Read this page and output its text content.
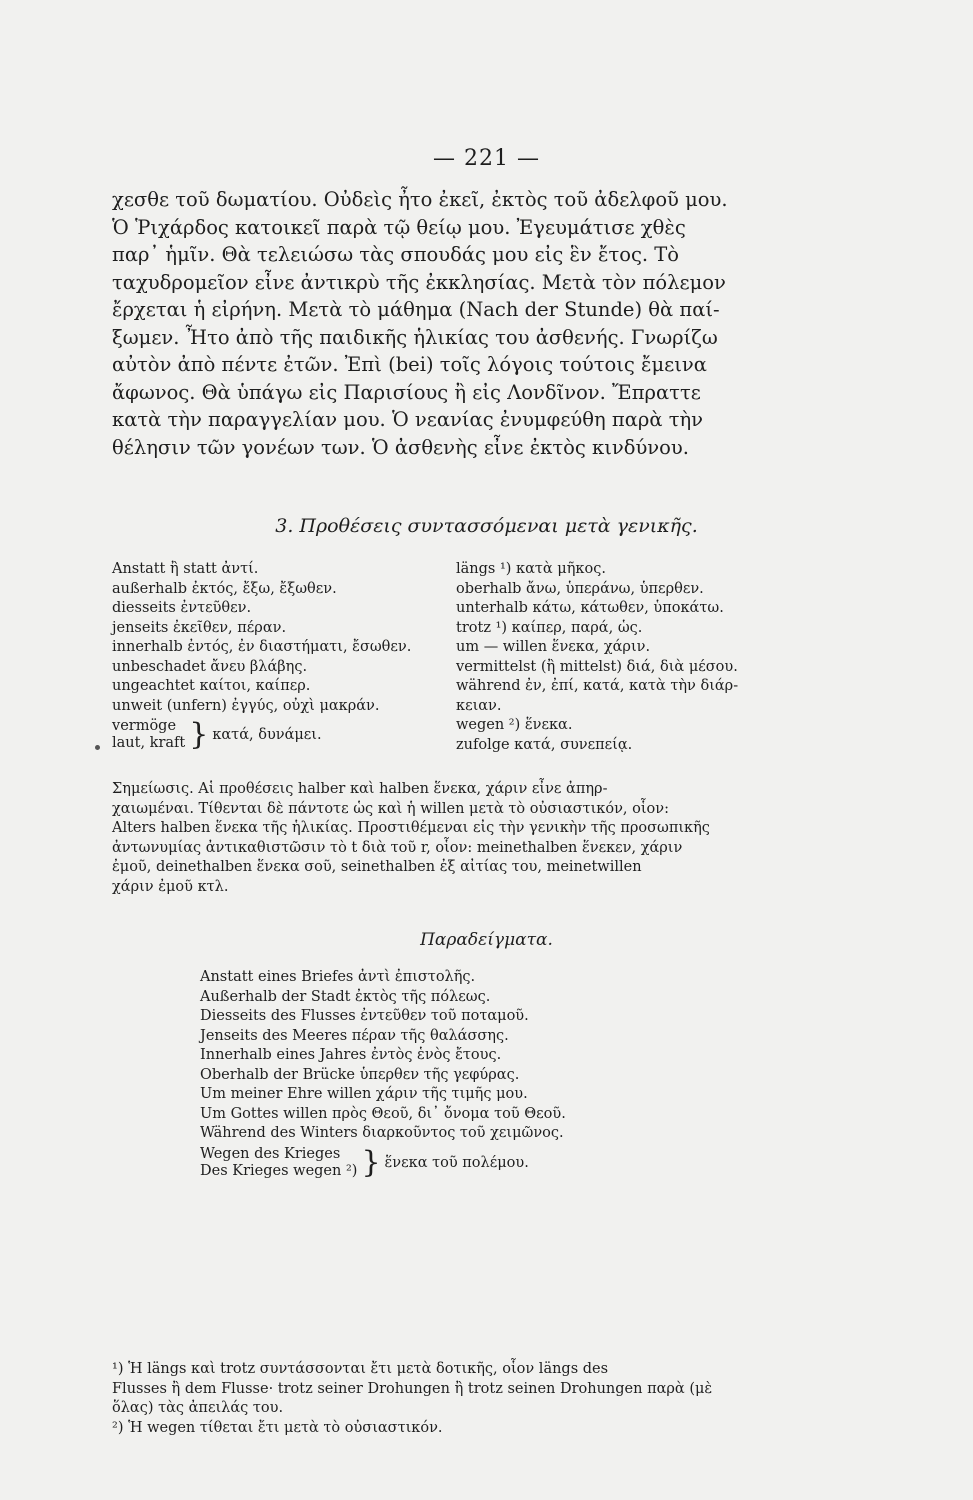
— 221 —
χεσθε τοῦ δωματίου. Οὐδεὶς ἦτο ἐκεῖ, ἐκτὸς τοῦ ἀδελφοῦ μου.
Ὁ Ῥιχάρδος κατοικεῖ παρὰ τῷ θείῳ μου. Ἐγευμάτισε χθὲς
παρ᾽ ἡμῖν. Θὰ τελειώσω τὰς σπουδάς μου εἰς ἓν ἔτος. Τὸ
ταχυδρομεῖον εἶνε ἀντικρὺ τῆς ἐκκλησίας. Μετὰ τὸν πόλεμον
ἔρχεται ἡ εἰρήνη. Μετὰ τὸ μάθημα (Nach der Stunde) θὰ παί-
ξωμεν. Ἦτο ἀπὸ τῆς παιδικῆς ἡλικίας του ἀσθενής. Γνωρίζω
αὐτὸν ἀπὸ πέντε ἐτῶν. Ἐπὶ (bei) τοῖς λόγοις τούτοις ἔμεινα
ἄφωνος. Θὰ ὑπάγω εἰς Παρισίους ἢ εἰς Λονδῖνον. Ἔπραττε
κατὰ τὴν παραγγελίαν μου. Ὁ νεανίας ἐνυμφεύθη παρὰ τὴν
θέλησιν τῶν γονέων των. Ὁ ἀσθενὴς εἶνε ἐκτὸς κινδύνου.
3. Προθέσεις συντασσόμεναι μετὰ γενικῆς.
Anstatt ἢ statt ἀντί.
außerhalb ἐκτός, ἔξω, ἔξωθεν.
diesseits ἐντεῦθεν.
jenseits ἐκεῖθεν, πέραν.
innerhalb ἐντός, ἐν διαστήματι, ἔσωθεν.
unbeschadet ἄνευ βλάβης.
ungeachtet καίτοι, καίπερ.
unweit (unfern) ἐγγύς, οὐχὶ μακράν.
vermöge
laut, kraft } κατά, δυνάμει.
längs ¹) κατὰ μῆκος.
oberhalb ἄνω, ὑπεράνω, ὑπερθεν.
unterhalb κάτω, κάτωθεν, ὑποκάτω.
trotz ¹) καίπερ, παρά, ὡς.
um — willen ἕνεκα, χάριν.
vermittelst (ἢ mittelst) διά, διὰ μέσου.
während ἐν, ἐπί, κατά, κατὰ τὴν διάρ-
κειαν.
wegen ²) ἕνεκα.
zufolge κατά, συνεπείᾳ.
Σημείωσις. Αἱ προθέσεις halber καὶ halben ἕνεκα, χάριν εἶνε ἀπηρ-
χαιωμέναι. Τίθενται δὲ πάντοτε ὡς καὶ ἡ willen μετὰ τὸ οὐσιαστικόν, οἷον:
Alters halben ἕνεκα τῆς ἡλικίας. Προστιθέμεναι εἰς τὴν γενικὴν τῆς προσωπικῆς
ἀντωνυμίας ἀντικαθιστῶσιν τὸ t διὰ τοῦ r, οἷον: meinethalben ἕνεκεν, χάριν
ἐμοῦ, deinethalben ἕνεκα σοῦ, seinethalben ἐξ αἰτίας του, meinetwillen
χάριν ἐμοῦ κτλ.
Παραδείγματα.
Anstatt eines Briefes ἀντὶ ἐπιστολῆς.
Außerhalb der Stadt ἐκτὸς τῆς πόλεως.
Diesseits des Flusses ἐντεῦθεν τοῦ ποταμοῦ.
Jenseits des Meeres πέραν τῆς θαλάσσης.
Innerhalb eines Jahres ἐντὸς ἑνὸς ἔτους.
Oberhalb der Brücke ὑπερθεν τῆς γεφύρας.
Um meiner Ehre willen χάριν τῆς τιμῆς μου.
Um Gottes willen πρὸς Θεοῦ, δι᾽ ὄνομα τοῦ Θεοῦ.
Während des Winters διαρκοῦντος τοῦ χειμῶνος.
Wegen des Krieges
Des Krieges wegen ²) } ἕνεκα τοῦ πολέμου.
¹) Ἡ längs καὶ trotz συντάσσονται ἔτι μετὰ δοτικῆς, οἷον längs des
Flusses ἢ dem Flusse· trotz seiner Drohungen ἢ trotz seinen Drohungen παρὰ (μὲ
ὅλας) τὰς ἀπειλάς του.
²) Ἡ wegen τίθεται ἔτι μετὰ τὸ οὐσιαστικόν.
